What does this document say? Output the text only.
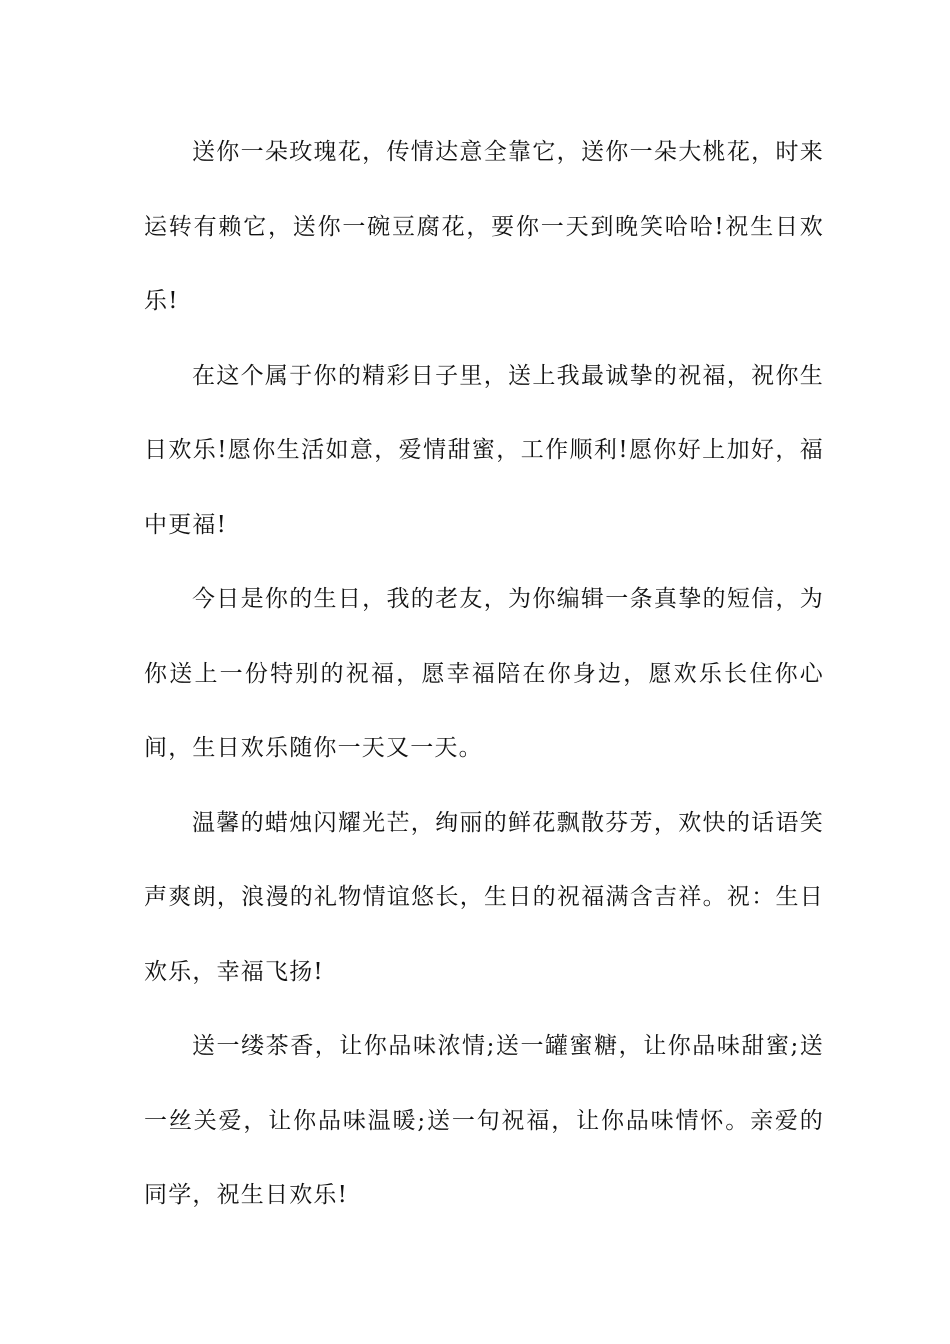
送你一朵玫瑰花，传情达意全靠它，送你一朵大桃花，时来运转有赖它，送你一碗豆腐花，要你一天到晚笑哈哈!祝生日欢乐!

在这个属于你的精彩日子里，送上我最诚挚的祝福，祝你生日欢乐!愿你生活如意，爱情甜蜜，工作顺利!愿你好上加好，福中更福!

今日是你的生日，我的老友，为你编辑一条真挚的短信，为你送上一份特别的祝福，愿幸福陪在你身边，愿欢乐长住你心间，生日欢乐随你一天又一天。

温馨的蜡烛闪耀光芒，绚丽的鲜花飘散芬芳，欢快的话语笑声爽朗，浪漫的礼物情谊悠长，生日的祝福满含吉祥。祝：生日欢乐，幸福飞扬!

送一缕茶香，让你品味浓情;送一罐蜜糖，让你品味甜蜜;送一丝关爱，让你品味温暖;送一句祝福，让你品味情怀。亲爱的同学，祝生日欢乐!
